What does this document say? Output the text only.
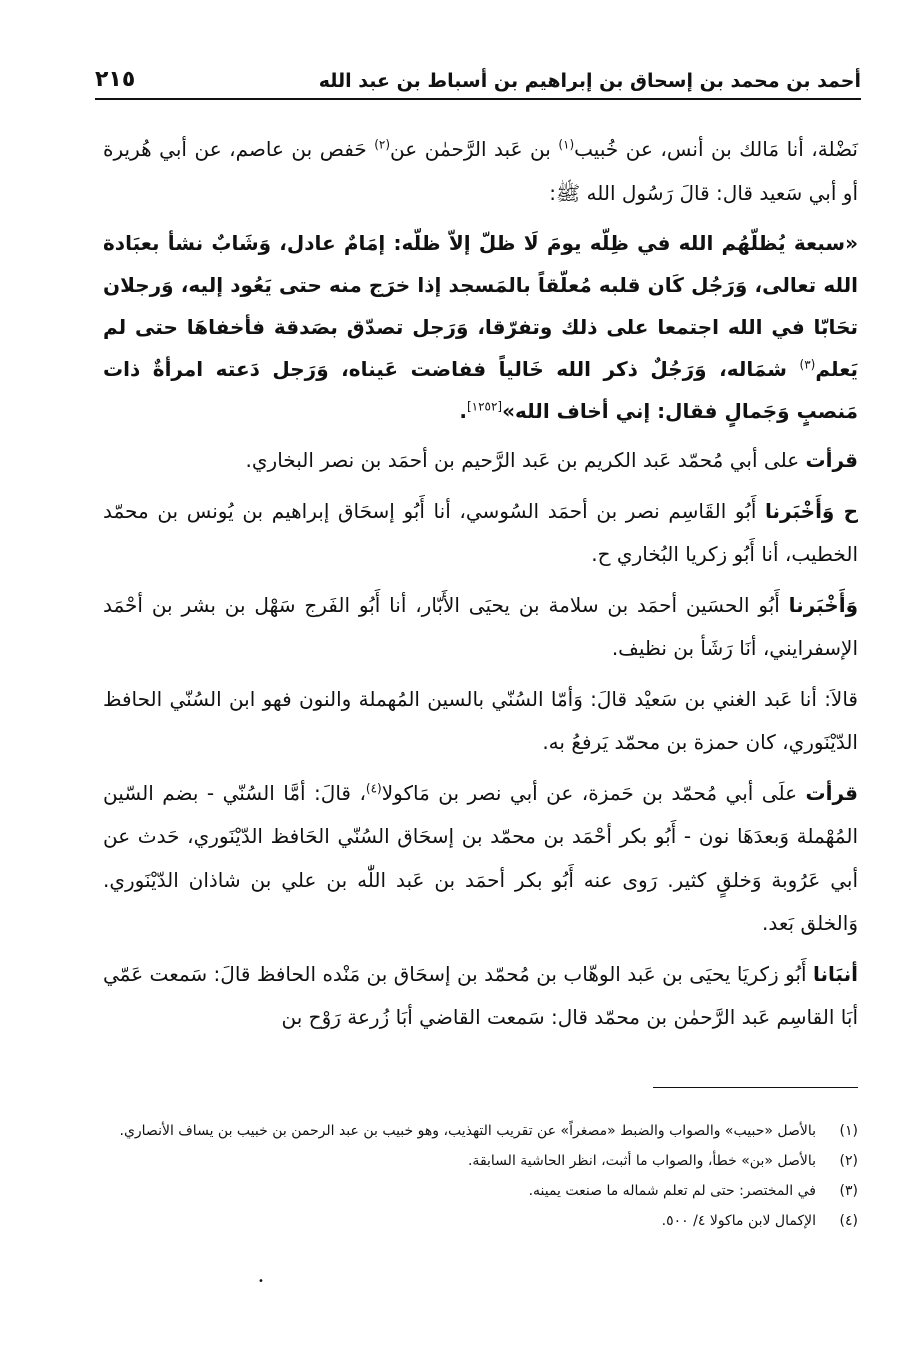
٢١٥	أحمد بن محمد بن إسحاق بن إبراهيم بن أسباط بن عبد الله

نَضْلة، أنا مَالك بن أنس، عن خُبيب$^{(١)}$ بن عَبد الرَّحمٰن عن$^{(٢)}$ حَفص بن عاصم، عن أبي هُريرة أو أبي سَعيد قال: قالَ رَسُول الله ﷺ:

«سبعة يُظلّهُم الله في ظِلّه يومَ لَا ظلّ إلاّ ظلّه: إمَامٌ عادل، وَشَابٌ نشأ بعبَادة الله تعالى، وَرَجُل كَان قلبه مُعلّقاً بالمَسجد إذا خرَج منه حتى يَعُود إليه، وَرجلان تحَابّا في الله اجتمعا على ذلك وتفرّقا، وَرَجل تصدّق بصَدقة فأخفاهَا حتى لم يَعلم$^{(٣)}$ شمَاله، وَرَجُلٌ ذكر الله خَالياً ففاضت عَيناه، وَرَجل دَعته امرأةٌ ذات مَنصبٍ وَجَمالٍ فقال: إني أخاف الله»[١٢٥٢].

قرأت على أبي مُحمّد عَبد الكريم بن عَبد الرَّحيم بن أحمَد بن نصر البخاري.

ح وَأَخْبَرنا أَبُو القَاسِم نصر بن أحمَد السُوسي، أنا أَبُو إسحَاق إبراهيم بن يُونس بن محمّد الخطيب، أنا أَبُو زكريا البُخاري ح.

وَأَخْبَرنا أَبُو الحسَين أحمَد بن سلامة بن يحيَى الأَبّار، أنا أَبُو الفَرج سَهْل بن بشر بن أحْمَد الإسفرايني، أنَا رَشَأ بن نظيف.

قالاَ: أنا عَبد الغني بن سَعيْد قالَ: وَأمّا السُنّي بالسين المُهملة والنون فهو ابن السُنّي الحافظ الدّيْنَوري، كان حمزة بن محمّد يَرفعُ به.

قرأت علَى أبي مُحمّد بن حَمزة، عن أبي نصر بن مَاكولا$^{(٤)}$، قالَ: أمَّا السُنّي - بضم السّين المُهْملة وَبعدَهَا نون - أَبُو بكر أحْمَد بن محمّد بن إسحَاق السُنّي الحَافظ الدّيْنَوري، حَدث عن أبي عَرُوبة وَخلقٍ كثير. رَوى عنه أَبُو بكر أحمَد بن عَبد اللّٰه بن علي بن شاذان الدّيْنَوري. وَالخلق بَعد.

أنبَانا أَبُو زكريَا يحيَى بن عَبد الوهّاب بن مُحمّد بن إسحَاق بن مَنْده الحافظ قالَ: سَمعت عَمّي أبَا القاسِم عَبد الرَّحمٰن بن محمّد قال: سَمعت القاضي أبَا زُرعة رَوْح بن

(١)
بالأصل «حبيب» والصواب والضبط «مصغراً» عن تقريب التهذيب، وهو خبيب بن عبد الرحمن بن خبيب بن يساف الأنصاري.
(٢)
بالأصل «بن» خطأ، والصواب ما أثبت، انظر الحاشية السابقة.
(٣)
في المختصر: حتى لم تعلم شماله ما صنعت يمينه.
(٤)
الإكمال لابن ماكولا ٤/ ٥٠٠.
•
